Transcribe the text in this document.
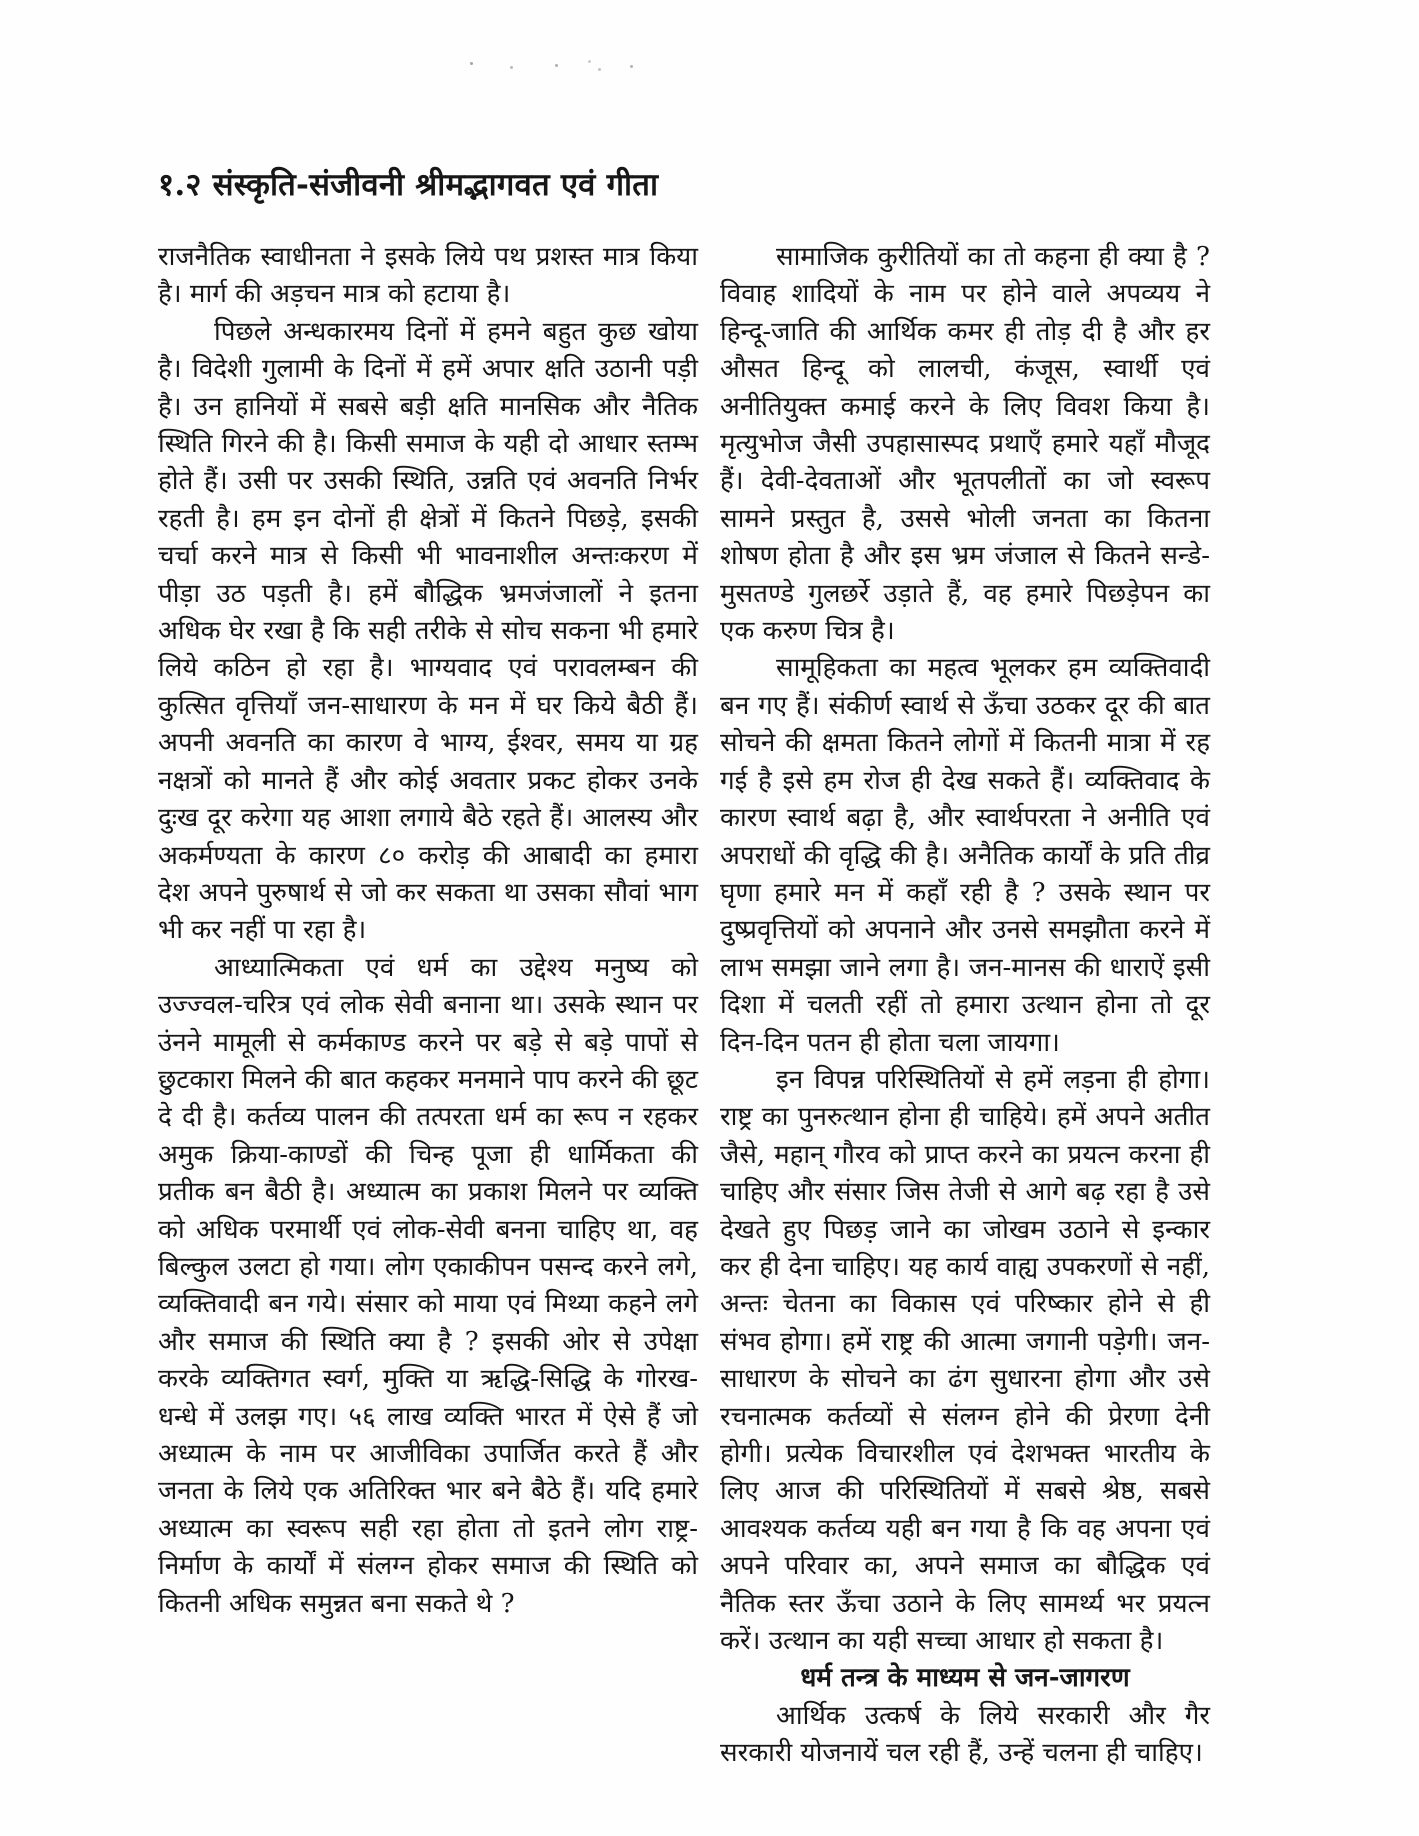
१.२ संस्कृति-संजीवनी श्रीमद्भागवत एवं गीता

राजनैतिक स्वाधीनता ने इसके लिये पथ प्रशस्त मात्र किया है। मार्ग की अड़चन मात्र को हटाया है।

पिछले अन्धकारमय दिनों में हमने बहुत कुछ खोया है। विदेशी गुलामी के दिनों में हमें अपार क्षति उठानी पड़ी है। उन हानियों में सबसे बड़ी क्षति मानसिक और नैतिक स्थिति गिरने की है। किसी समाज के यही दो आधार स्तम्भ होते हैं। उसी पर उसकी स्थिति, उन्नति एवं अवनति निर्भर रहती है। हम इन दोनों ही क्षेत्रों में कितने पिछड़े, इसकी चर्चा करने मात्र से किसी भी भावनाशील अन्तःकरण में पीड़ा उठ पड़ती है। हमें बौद्धिक भ्रमजंजालों ने इतना अधिक घेर रखा है कि सही तरीके से सोच सकना भी हमारे लिये कठिन हो रहा है। भाग्यवाद एवं परावलम्बन की कुत्सित वृत्तियाँ जन-साधारण के मन में घर किये बैठी हैं। अपनी अवनति का कारण वे भाग्य, ईश्वर, समय या ग्रह नक्षत्रों को मानते हैं और कोई अवतार प्रकट होकर उनके दुःख दूर करेगा यह आशा लगाये बैठे रहते हैं। आलस्य और अकर्मण्यता के कारण ८० करोड़ की आबादी का हमारा देश अपने पुरुषार्थ से जो कर सकता था उसका सौवां भाग भी कर नहीं पा रहा है।

आध्यात्मिकता एवं धर्म का उद्देश्य मनुष्य को उज्ज्वल-चरित्र एवं लोक सेवी बनाना था। उसके स्थान पर उंनने मामूली से कर्मकाण्ड करने पर बड़े से बड़े पापों से छुटकारा मिलने की बात कहकर मनमाने पाप करने की छूट दे दी है। कर्तव्य पालन की तत्परता धर्म का रूप न रहकर अमुक क्रिया-काण्डों की चिन्ह पूजा ही धार्मिकता की प्रतीक बन बैठी है। अध्यात्म का प्रकाश मिलने पर व्यक्ति को अधिक परमार्थी एवं लोक-सेवी बनना चाहिए था, वह बिल्कुल उलटा हो गया। लोग एकाकीपन पसन्द करने लगे, व्यक्तिवादी बन गये। संसार को माया एवं मिथ्या कहने लगे और समाज की स्थिति क्या है ? इसकी ओर से उपेक्षा करके व्यक्तिगत स्वर्ग, मुक्ति या ऋद्धि-सिद्धि के गोरख-धन्धे में उलझ गए। ५६ लाख व्यक्ति भारत में ऐसे हैं जो अध्यात्म के नाम पर आजीविका उपार्जित करते हैं और जनता के लिये एक अतिरिक्त भार बने बैठे हैं। यदि हमारे अध्यात्म का स्वरूप सही रहा होता तो इतने लोग राष्ट्र-निर्माण के कार्यों में संलग्न होकर समाज की स्थिति को कितनी अधिक समुन्नत बना सकते थे ?

सामाजिक कुरीतियों का तो कहना ही क्या है ? विवाह शादियों के नाम पर होने वाले अपव्यय ने हिन्दू-जाति की आर्थिक कमर ही तोड़ दी है और हर औसत हिन्दू को लालची, कंजूस, स्वार्थी एवं अनीतियुक्त कमाई करने के लिए विवश किया है। मृत्युभोज जैसी उपहासास्पद प्रथाएँ हमारे यहाँ मौजूद हैं। देवी-देवताओं और भूतपलीतों का जो स्वरूप सामने प्रस्तुत है, उससे भोली जनता का कितना शोषण होता है और इस भ्रम जंजाल से कितने सन्डे-मुसतण्डे गुलछर्रे उड़ाते हैं, वह हमारे पिछड़ेपन का एक करुण चित्र है।

सामूहिकता का महत्व भूलकर हम व्यक्तिवादी बन गए हैं। संकीर्ण स्वार्थ से ऊँचा उठकर दूर की बात सोचने की क्षमता कितने लोगों में कितनी मात्रा में रह गई है इसे हम रोज ही देख सकते हैं। व्यक्तिवाद के कारण स्वार्थ बढ़ा है, और स्वार्थपरता ने अनीति एवं अपराधों की वृद्धि की है। अनैतिक कार्यों के प्रति तीव्र घृणा हमारे मन में कहाँ रही है ? उसके स्थान पर दुष्प्रवृत्तियों को अपनाने और उनसे समझौता करने में लाभ समझा जाने लगा है। जन-मानस की धाराऐं इसी दिशा में चलती रहीं तो हमारा उत्थान होना तो दूर दिन-दिन पतन ही होता चला जायगा।

इन विपन्न परिस्थितियों से हमें लड़ना ही होगा। राष्ट्र का पुनरुत्थान होना ही चाहिये। हमें अपने अतीत जैसे, महान् गौरव को प्राप्त करने का प्रयत्न करना ही चाहिए और संसार जिस तेजी से आगे बढ़ रहा है उसे देखते हुए पिछड़ जाने का जोखम उठाने से इन्कार कर ही देना चाहिए। यह कार्य वाह्य उपकरणों से नहीं, अन्तः चेतना का विकास एवं परिष्कार होने से ही संभव होगा। हमें राष्ट्र की आत्मा जगानी पड़ेगी। जन-साधारण के सोचने का ढंग सुधारना होगा और उसे रचनात्मक कर्तव्यों से संलग्न होने की प्रेरणा देनी होगी। प्रत्येक विचारशील एवं देशभक्त भारतीय के लिए आज की परिस्थितियों में सबसे श्रेष्ठ, सबसे आवश्यक कर्तव्य यही बन गया है कि वह अपना एवं अपने परिवार का, अपने समाज का बौद्धिक एवं नैतिक स्तर ऊँचा उठाने के लिए सामर्थ्य भर प्रयत्न करें। उत्थान का यही सच्चा आधार हो सकता है।

धर्म तन्त्र के माध्यम से जन-जागरण

आर्थिक उत्कर्ष के लिये सरकारी और गैर सरकारी योजनायें चल रही हैं, उन्हें चलना ही चाहिए।
